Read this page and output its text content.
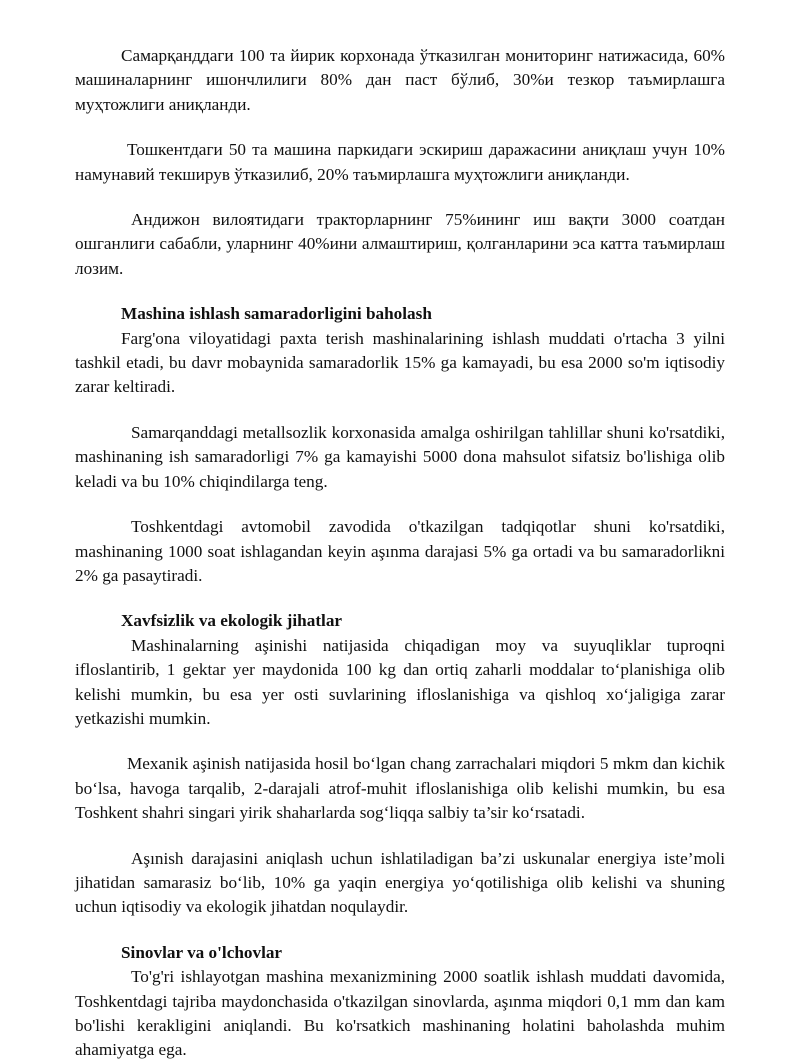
Самарқанддаги 100 та йирик корхонада ўтказилган мониторинг натижасида, 60% машиналарнинг ишончлилиги 80% дан паст бўлиб, 30%и тезкор таъмирлашга муҳтожлиги аниқланди.

Тошкентдаги 50 та машина паркидаги эскириш даражасини аниқлаш учун 10% намунавий текширув ўтказилиб, 20% таъмирлашга муҳтожлиги аниқланди.

Андижон вилоятидаги тракторларнинг 75%ининг иш вақти 3000 соатдан ошганлиги сабабли, уларнинг 40%ини алмаштириш, қолганларини эса катта таъмирлаш лозим.

Mashina ishlash samaradorligini baholash

Farg'ona viloyatidagi paxta terish mashinalarining ishlash muddati o'rtacha 3 yilni tashkil etadi, bu davr mobaynida samaradorlik 15% ga kamayadi, bu esa 2000 so'm iqtisodiy zarar keltiradi.

Samarqanddagi metallsozlik korxonasida amalga oshirilgan tahlillar shuni ko'rsatdiki, mashinaning ish samaradorligi 7% ga kamayishi 5000 dona mahsulot sifatsiz bo'lishiga olib keladi va bu 10% chiqindilarga teng.

Toshkentdagi avtomobil zavodida o'tkazilgan tadqiqotlar shuni ko'rsatdiki, mashinaning 1000 soat ishlagandan keyin aşınma darajasi 5% ga ortadi va bu samaradorlikni 2% ga pasaytiradi.

Xavfsizlik va ekologik jihatlar

Mashinalarning aşinishi natijasida chiqadigan moy va suyuqliklar tuproqni ifloslantirib, 1 gektar yer maydonida 100 kg dan ortiq zaharli moddalar to‘planishiga olib kelishi mumkin, bu esa yer osti suvlarining ifloslanishiga va qishloq xo‘jaligiga zarar yetkazishi mumkin.

Mexanik aşinish natijasida hosil bo‘lgan chang zarrachalari miqdori 5 mkm dan kichik bo‘lsa, havoga tarqalib, 2-darajali atrof-muhit ifloslanishiga olib kelishi mumkin, bu esa Toshkent shahri singari yirik shaharlarda sog‘liqqa salbiy ta’sir ko‘rsatadi.

Aşınish darajasini aniqlash uchun ishlatiladigan ba’zi uskunalar energiya iste’moli jihatidan samarasiz bo‘lib, 10% ga yaqin energiya yo‘qotilishiga olib kelishi va shuning uchun iqtisodiy va ekologik jihatdan noqulaydir.

Sinovlar va o'lchovlar

To'g'ri ishlayotgan mashina mexanizmining 2000 soatlik ishlash muddati davomida, Toshkentdagi tajriba maydonchasida o'tkazilgan sinovlarda, aşınma miqdori 0,1 mm dan kam bo'lishi kerakligini aniqlandi. Bu ko'rsatkich mashinaning holatini baholashda muhim ahamiyatga ega.
